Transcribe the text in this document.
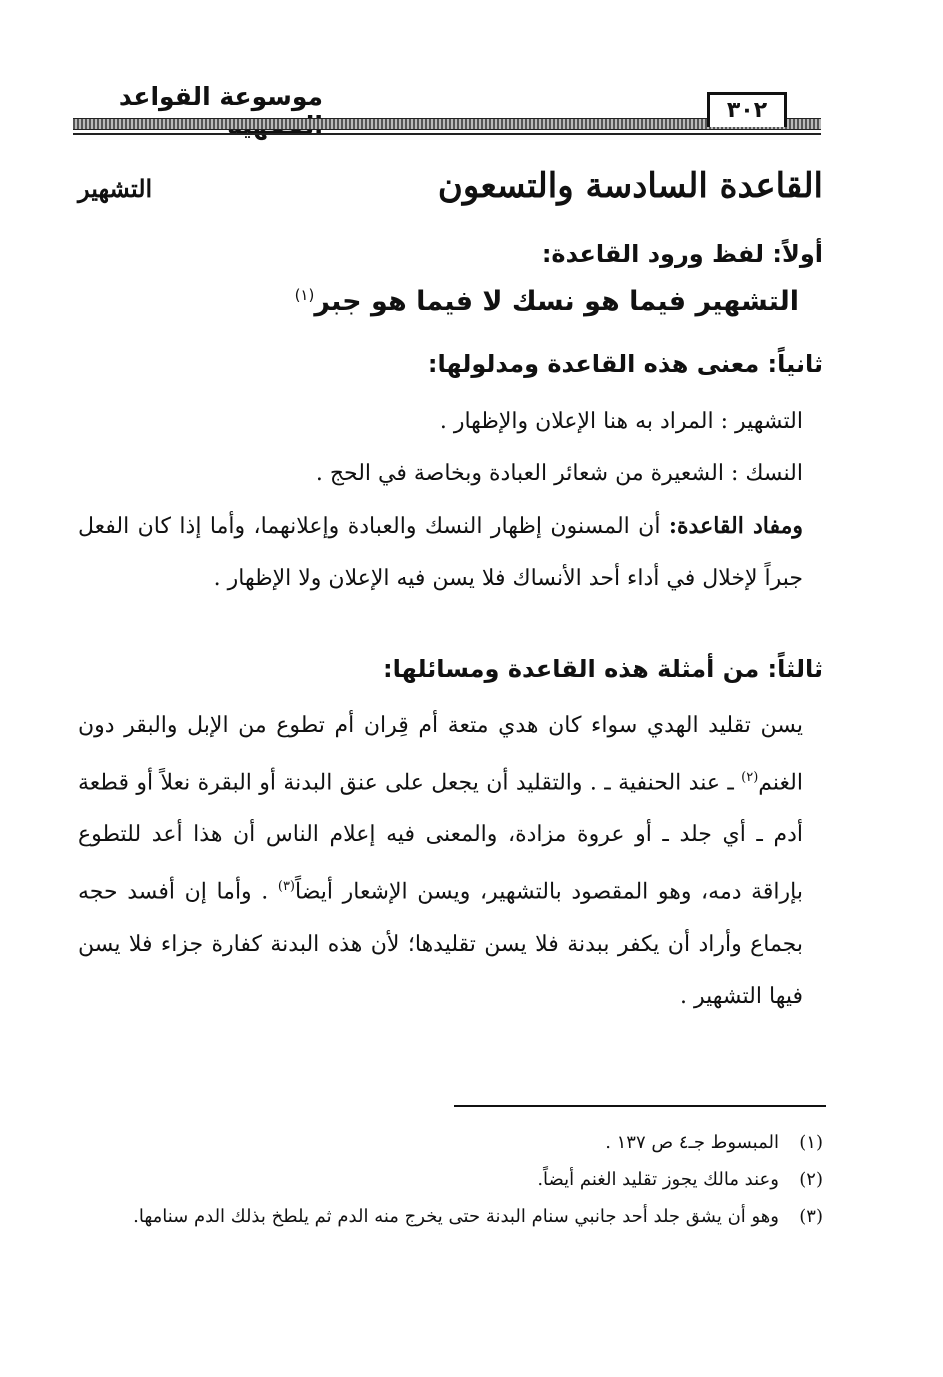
موسوعة القواعد	٣٠٢
القاعدة السادسة والتسعون
التشهير
أولاً: لفظ ورود القاعدة:
التشهير فيما هو نسك لا فيما هو جبر$^{(١)}$
ثانياً: معنى هذه القاعدة ومدلولها:

التشهير : المراد به هنا الإعلان والإظهار .

النسك : الشعيرة من شعائر العبادة وبخاصة في الحج .

ومفاد القاعدة: أن المسنون إظهار النسك والعبادة وإعلانهما، وأما إذا كان الفعل جبراً لإخلال في أداء أحد الأنساك فلا يسن فيه الإعلان ولا الإظهار .

ثالثاً: من أمثلة هذه القاعدة ومسائلها:

يسن تقليد الهدي سواء كان هدي متعة أم قِران أم تطوع من الإبل والبقر دون الغنم$^{(٢)}$ ـ عند الحنفية ـ . والتقليد أن يجعل على عنق البدنة أو البقرة نعلاً أو قطعة أدم ـ أي جلد ـ أو عروة مزادة، والمعنى فيه إعلام الناس أن هذا أعد للتطوع بإراقة دمه، وهو المقصود بالتشهير، ويسن الإشعار أيضاً$^{(٣)}$ . وأما إن أفسد حجه بجماع وأراد أن يكفر ببدنة فلا يسن تقليدها؛ لأن هذه البدنة كفارة جزاء فلا يسن فيها التشهير .

(١)
المبسوط جـ٤ ص ١٣٧ .
(٢)
وعند مالك يجوز تقليد الغنم أيضاً.
(٣)
وهو أن يشق جلد أحد جانبي سنام البدنة حتى يخرج منه الدم ثم يلطخ بذلك الدم سنامها.
